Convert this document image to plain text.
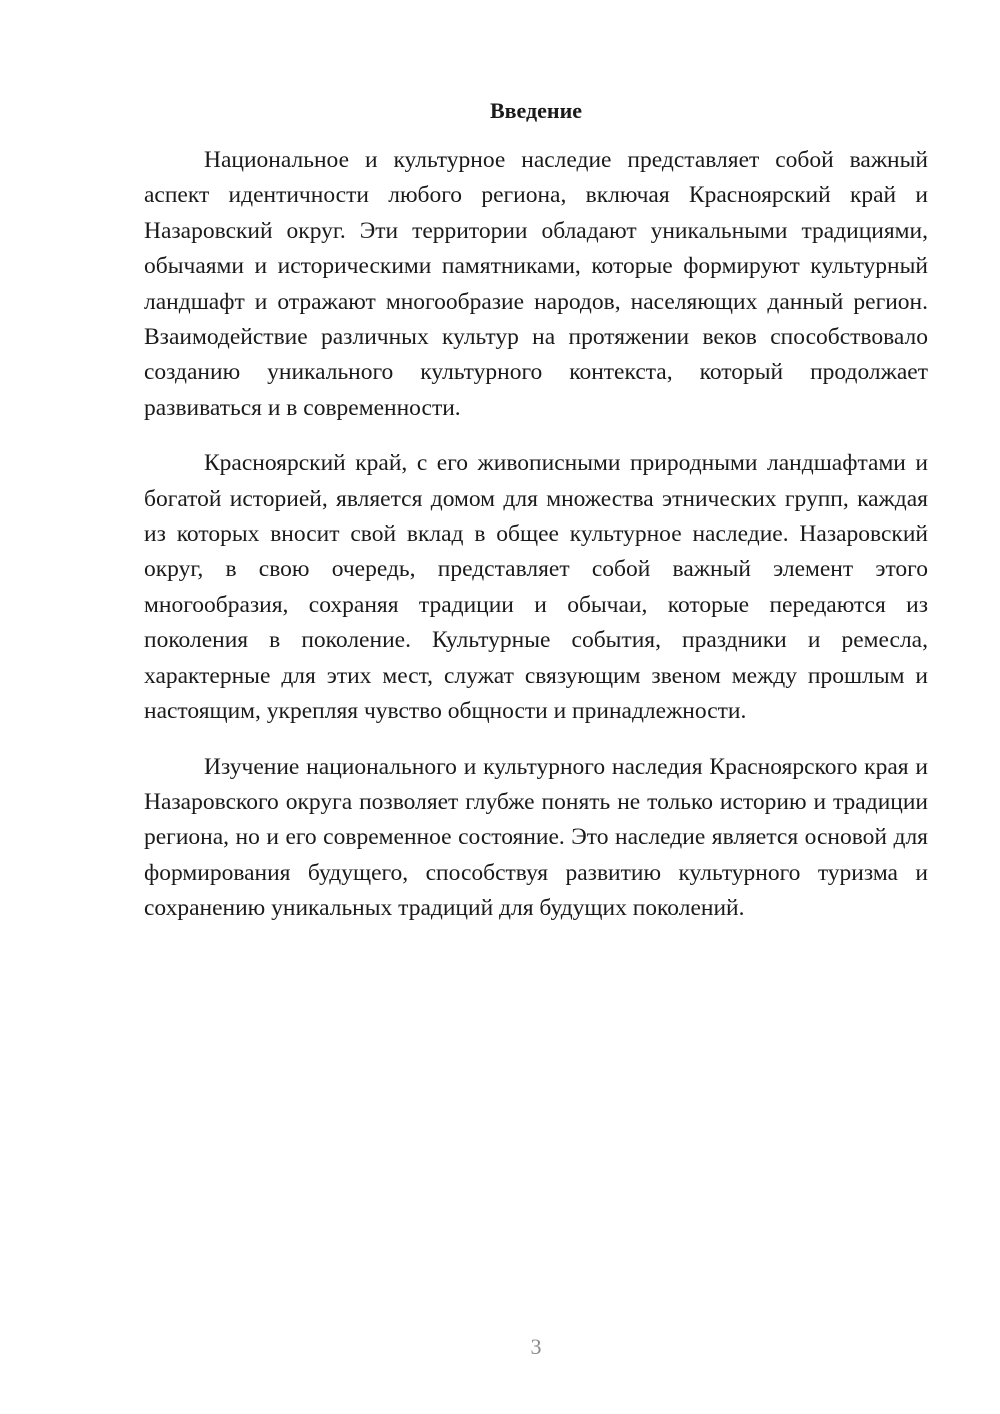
Введение

Национальное и культурное наследие представляет собой важный аспект идентичности любого региона, включая Красноярский край и Назаровский округ. Эти территории обладают уникальными традициями, обычаями и историческими памятниками, которые формируют культурный ландшафт и отражают многообразие народов, населяющих данный регион. Взаимодействие различных культур на протяжении веков способствовало созданию уникального культурного контекста, который продолжает развиваться и в современности.

Красноярский край, с его живописными природными ландшафтами и богатой историей, является домом для множества этнических групп, каждая из которых вносит свой вклад в общее культурное наследие. Назаровский округ, в свою очередь, представляет собой важный элемент этого многообразия, сохраняя традиции и обычаи, которые передаются из поколения в поколение. Культурные события, праздники и ремесла, характерные для этих мест, служат связующим звеном между прошлым и настоящим, укрепляя чувство общности и принадлежности.

Изучение национального и культурного наследия Красноярского края и Назаровского округа позволяет глубже понять не только историю и традиции региона, но и его современное состояние. Это наследие является основой для формирования будущего, способствуя развитию культурного туризма и сохранению уникальных традиций для будущих поколений.

3
